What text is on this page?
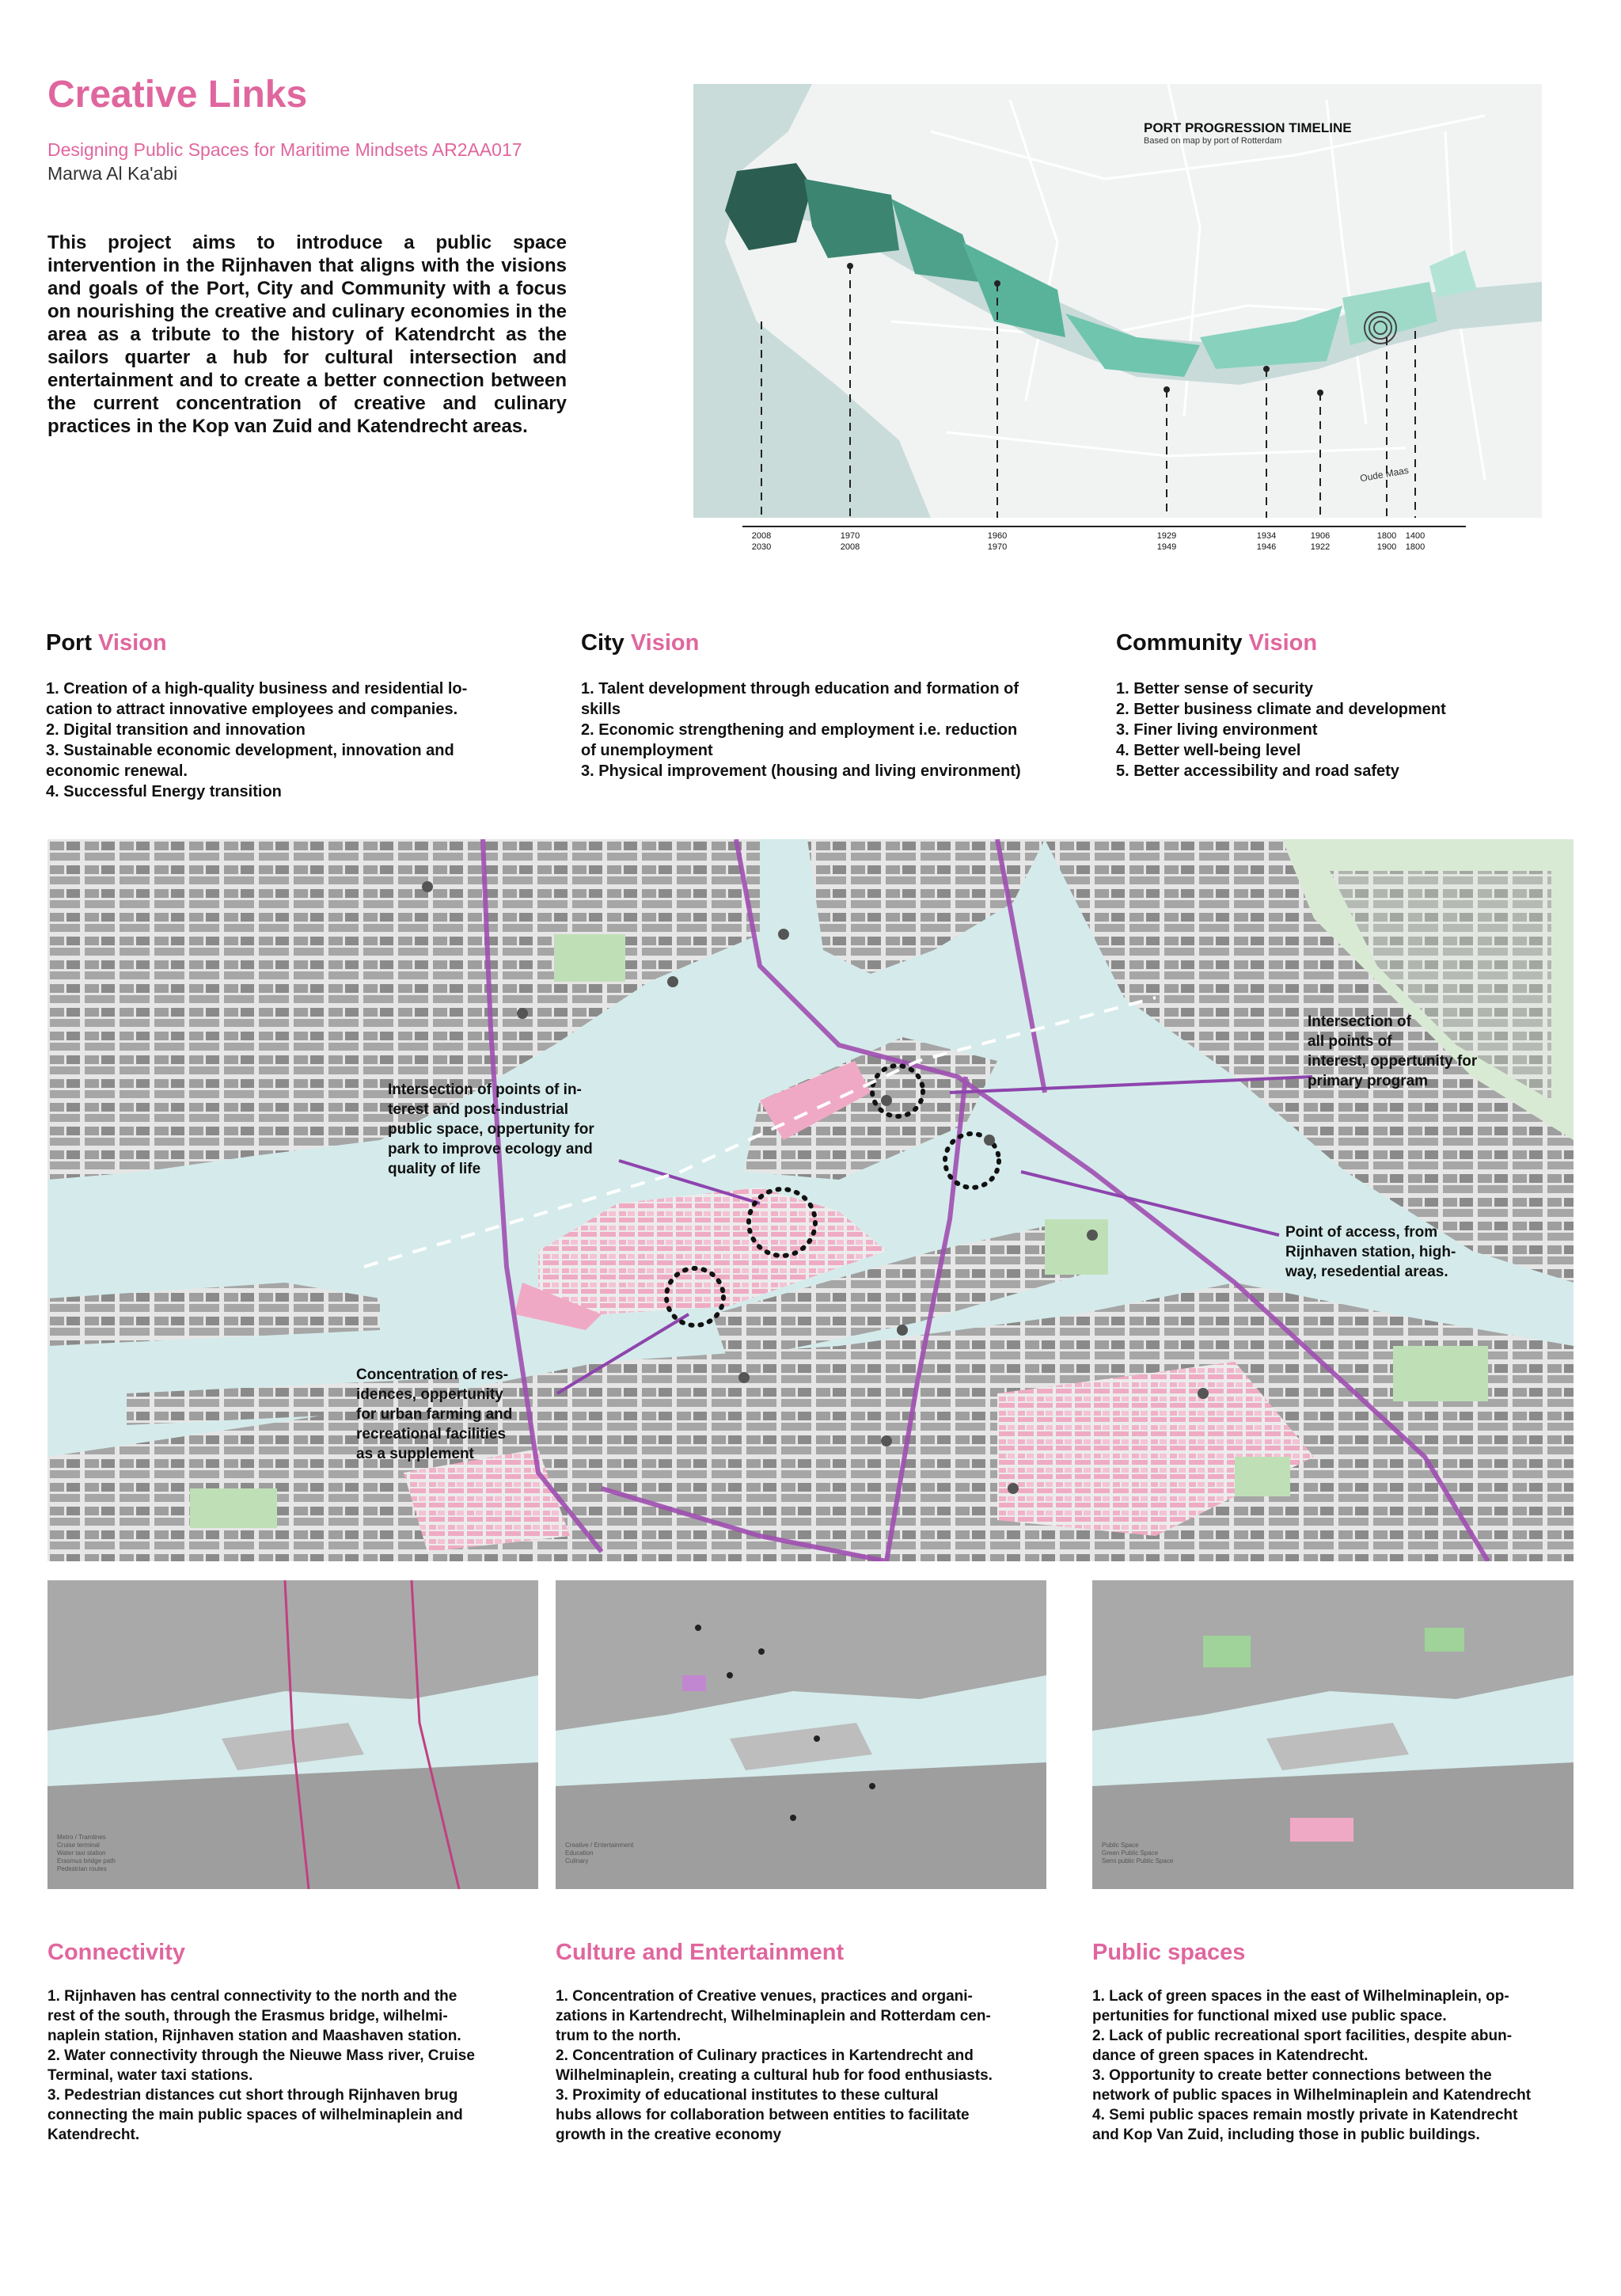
Creative Links
Designing Public Spaces for Maritime Mindsets AR2AA017
Marwa Al Ka'abi
This project aims to introduce a public space intervention in the Rijnhaven that aligns with the visions and goals of the Port, City and Community with a focus on nourishing the creative and culinary economies in the area as a tribute to the history of Katendrcht as the sailors quarter a hub for cultural intersection and entertainment and to create a better connection between the current concentration of creative and culinary practices in the Kop van Zuid and Katendrecht areas.
PORT PROGRESSION TIMELINE
Based on map by port of Rotterdam
Oude Maas
2008
2030
1970
2008
1960
1970
1929
1949
1934
1946
1906
1922
1800
1900
1400
1800
Port Vision
1. Creation of a high-quality business and residential lo-
cation to attract innovative employees and companies.
2. Digital transition and innovation
3. Sustainable economic development, innovation and
economic renewal.
4. Successful Energy transition
City Vision
1. Talent development through education and formation of
skills
2. Economic strengthening and employment i.e. reduction
of unemployment
3. Physical improvement (housing and living environment)
Community Vision
1. Better sense of security
2. Better business climate and development
3. Finer living environment
4. Better well-being level
5. Better accessibility and road safety
Intersection of points of in-
terest and post-industrial
public space, oppertunity for
park to improve ecology and
quality of life
Intersection of
all points of
interest, oppertunity for
primary program
Point of access, from
Rijnhaven station, high-
way, resedential areas.
Concentration of res-
idences, oppertunity
for urban farming and
recreational facilities
as a supplement
Metro / Tramlines
Cruise terminal
Water taxi station
Erasmus bridge path
Pedestrian routes
Creative / Entertainment
Education
Culinary
Public Space
Green Public Space
Semi public Public Space
Connectivity
1. Rijnhaven has central connectivity to the north and the
rest of the south, through the Erasmus bridge, wilhelmi-
naplein station, Rijnhaven station and Maashaven station.
2. Water connectivity through the Nieuwe Mass river, Cruise
Terminal, water taxi stations.
3. Pedestrian distances cut short through Rijnhaven brug
connecting the main public spaces of wilhelminaplein and
Katendrecht.
Culture and Entertainment
1. Concentration of Creative venues, practices and organi-
zations in Kartendrecht, Wilhelminaplein and Rotterdam cen-
trum to the north.
2. Concentration of Culinary practices in Kartendrecht and
Wilhelminaplein, creating a cultural hub for food enthusiasts.
3. Proximity of educational institutes to these cultural
hubs allows for collaboration between entities to facilitate
growth in the creative economy
Public spaces
1. Lack of green spaces in the east of Wilhelminaplein, op-
pertunities for functional mixed use public space.
2. Lack of public recreational sport facilities, despite abun-
dance of green spaces in Katendrecht.
3. Opportunity to create better connections between the
network of public spaces in Wilhelminaplein and Katendrecht
4. Semi public spaces remain mostly private in Katendrecht
and Kop Van Zuid, including those in public buildings.
